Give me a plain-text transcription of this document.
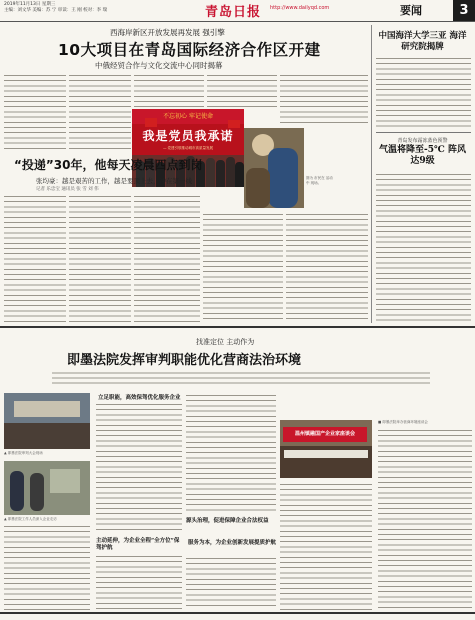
2019年11月13日 星期三
主编：刘文华 美编：苏 宁 审读：王 刚 校对：李 瑞	青岛日报 http://www.dailyqd.com	要闻	3
西海岸新区开放发展再发展 强引擎
10大项目在青岛国际经济合作区开建
中俄经贸合作与文化交流中心同时揭幕
不忘初心 牢记使命
我是党员我承诺
— 党建引领推动城市高质量发展
图为 市民在 活动中 现场。
“投递”30年，他每天凌晨四点到岗
张均豪：越是艰苦的工作，越是要顶上去，冲在第一线
记者 乐忠宝 通讯员 张 雪 刘 伟
中国海洋大学三亚 海洋研究院揭牌
青岛发布霜冻蓝色预警
气温将降至-5℃ 阵风达9级
找准定位 主动作为
即墨法院发挥审判职能优化营商法治环境
▲ 即墨法院审判大会现场
▲ 即墨法院工作人员深入企业走访
立足职能，高效保驾优化服务企业
主动延伸，为企业全程“全方位”保驾护航
服务为本，为企业创新发展提质护航
温州镇融国产企业家座谈会
■ 即墨法院举办营商环境座谈会
源头治理，促进保障企业合法权益
